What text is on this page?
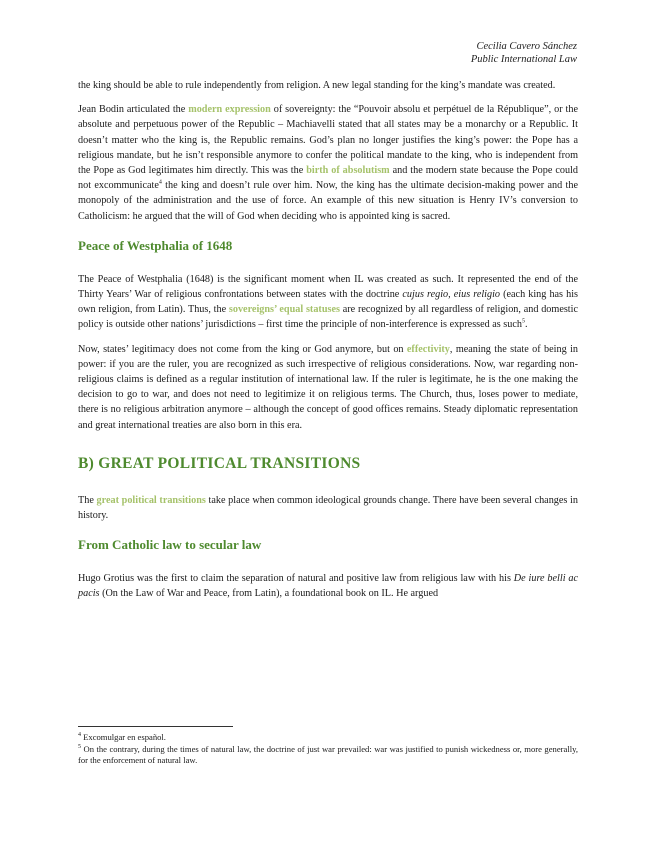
Cecilia Cavero Sánchez
Public International Law

the king should be able to rule independently from religion. A new legal standing for the king’s mandate was created.

Jean Bodin articulated the modern expression of sovereignty: the “Pouvoir absolu et perpétuel de la République”, or the absolute and perpetuous power of the Republic – Machiavelli stated that all states may be a monarchy or a Republic. It doesn’t matter who the king is, the Republic remains. God’s plan no longer justifies the king’s power: the Pope has a religious mandate, but he isn’t responsible anymore to confer the political mandate to the king, who is independent from the Pope as God legitimates him directly. This was the birth of absolutism and the modern state because the Pope could not excommunicate$^4$ the king and doesn’t rule over him. Now, the king has the ultimate decision-making power and the monopoly of the administration and the use of force. An example of this new situation is Henry IV’s conversion to Catholicism: he argued that the will of God when deciding who is appointed king is sacred.

Peace of Westphalia of 1648

The Peace of Westphalia (1648) is the significant moment when IL was created as such. It represented the end of the Thirty Years’ War of religious confrontations between states with the doctrine cujus regio, eius religio (each king has his own religion, from Latin). Thus, the sovereigns’ equal statuses are recognized by all regardless of religion, and domestic policy is outside other nations’ jurisdictions – first time the principle of non-interference is expressed as such$^5$.

Now, states’ legitimacy does not come from the king or God anymore, but on effectivity, meaning the state of being in power: if you are the ruler, you are recognized as such irrespective of religious considerations. Now, war regarding non-religious claims is defined as a regular institution of international law. If the ruler is legitimate, he is the one making the decision to go to war, and does not need to legitimize it on religious terms. The Church, thus, loses power to mediate, there is no religious arbitration anymore – although the concept of good offices remains. Steady diplomatic representation and great international treaties are also born in this era.

B) GREAT POLITICAL TRANSITIONS

The great political transitions take place when common ideological grounds change. There have been several changes in history.

From Catholic law to secular law

Hugo Grotius was the first to claim the separation of natural and positive law from religious law with his De iure belli ac pacis (On the Law of War and Peace, from Latin), a foundational book on IL. He argued

$^4$ Excomulgar en español.
$^5$ On the contrary, during the times of natural law, the doctrine of just war prevailed: war was justified to punish wickedness or, more generally, for the enforcement of natural law.
